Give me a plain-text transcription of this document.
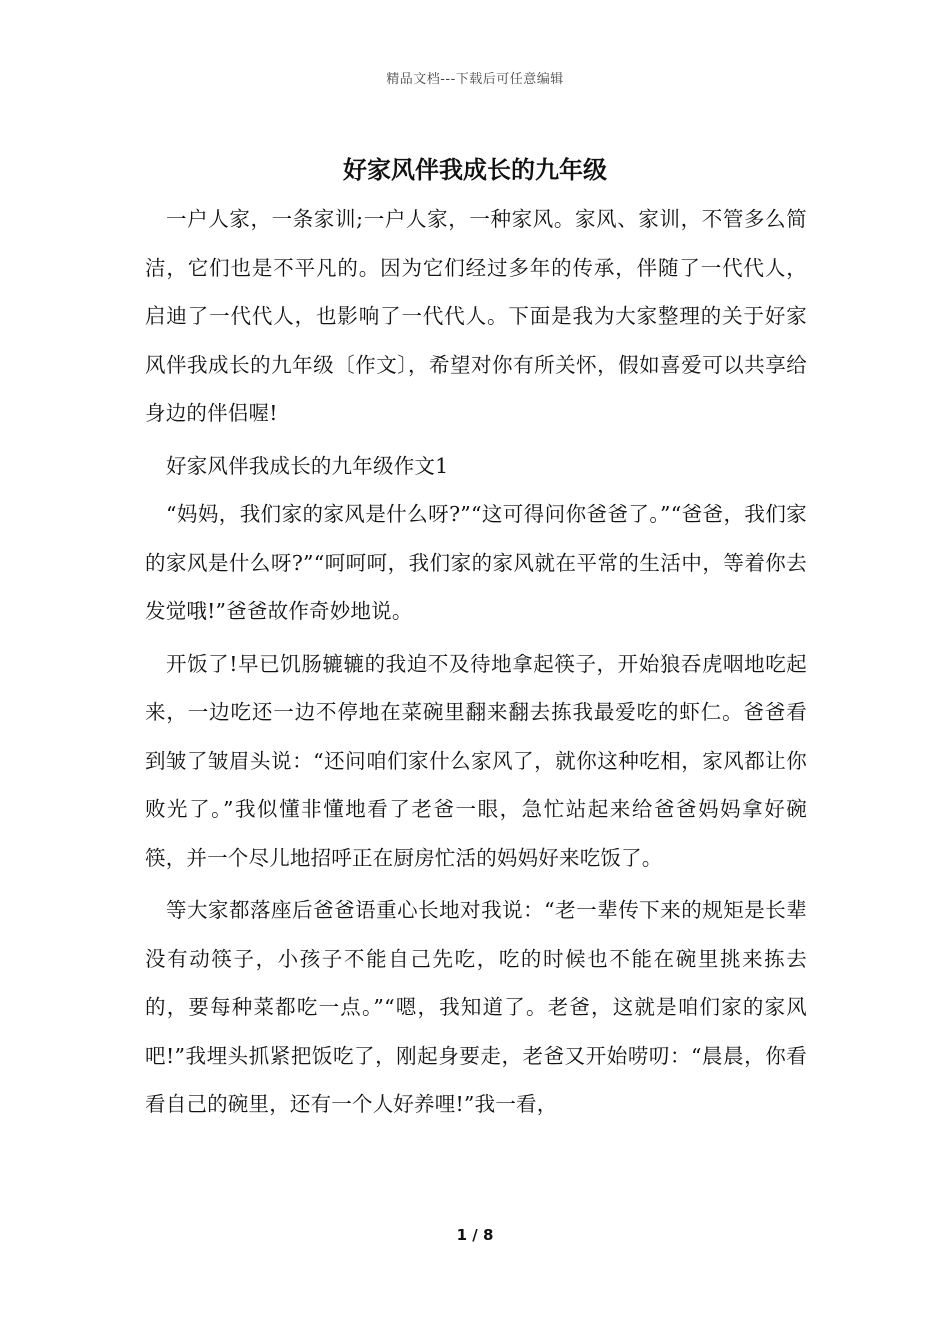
精品文档---下载后可任意编辑
好家风伴我成长的九年级

一户人家，一条家训;一户人家，一种家风。家风、家训，不管多么简洁，它们也是不平凡的。因为它们经过多年的传承，伴随了一代代人，启迪了一代代人，也影响了一代代人。下面是我为大家整理的关于好家风伴我成长的九年级〔作文〕，希望对你有所关怀，假如喜爱可以共享给身边的伴侣喔!

好家风伴我成长的九年级作文1

“妈妈，我们家的家风是什么呀?”“这可得问你爸爸了。”“爸爸，我们家的家风是什么呀?”“呵呵呵，我们家的家风就在平常的生活中，等着你去发觉哦!”爸爸故作奇妙地说。

开饭了!早已饥肠辘辘的我迫不及待地拿起筷子，开始狼吞虎咽地吃起来，一边吃还一边不停地在菜碗里翻来翻去拣我最爱吃的虾仁。爸爸看到皱了皱眉头说：“还问咱们家什么家风了，就你这种吃相，家风都让你败光了。”我似懂非懂地看了老爸一眼，急忙站起来给爸爸妈妈拿好碗筷，并一个尽儿地招呼正在厨房忙活的妈妈好来吃饭了。

等大家都落座后爸爸语重心长地对我说：“老一辈传下来的规矩是长辈没有动筷子，小孩子不能自己先吃，吃的时候也不能在碗里挑来拣去的，要每种菜都吃一点。”“嗯，我知道了。老爸，这就是咱们家的家风吧!”我埋头抓紧把饭吃了，刚起身要走，老爸又开始唠叨：“晨晨，你看看自己的碗里，还有一个人好养哩!”我一看，

1 / 8
